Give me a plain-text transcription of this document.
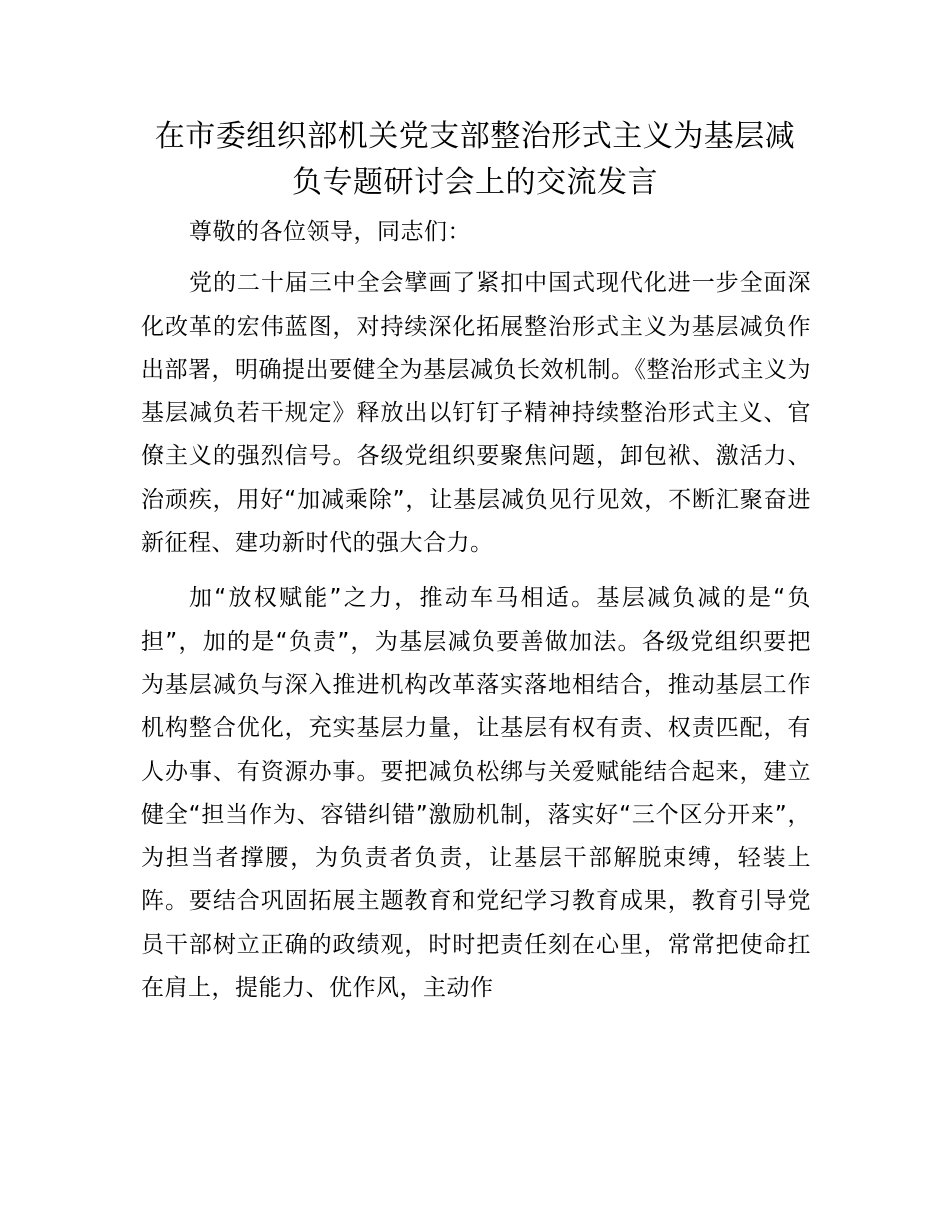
在市委组织部机关党支部整治形式主义为基层减负专题研讨会上的交流发言

尊敬的各位领导，同志们：

党的二十届三中全会擘画了紧扣中国式现代化进一步全面深化改革的宏伟蓝图，对持续深化拓展整治形式主义为基层减负作出部署，明确提出要健全为基层减负长效机制。《整治形式主义为基层减负若干规定》释放出以钉钉子精神持续整治形式主义、官僚主义的强烈信号。各级党组织要聚焦问题，卸包袱、激活力、治顽疾，用好“加减乘除”，让基层减负见行见效，不断汇聚奋进新征程、建功新时代的强大合力。

加“放权赋能”之力，推动车马相适。基层减负减的是“负担”，加的是“负责”，为基层减负要善做加法。各级党组织要把为基层减负与深入推进机构改革落实落地相结合，推动基层工作机构整合优化，充实基层力量，让基层有权有责、权责匹配，有人办事、有资源办事。要把减负松绑与关爱赋能结合起来，建立健全“担当作为、容错纠错”激励机制，落实好“三个区分开来”，为担当者撑腰，为负责者负责，让基层干部解脱束缚，轻装上阵。要结合巩固拓展主题教育和党纪学习教育成果，教育引导党员干部树立正确的政绩观，时时把责任刻在心里，常常把使命扛在肩上，提能力、优作风，主动作
